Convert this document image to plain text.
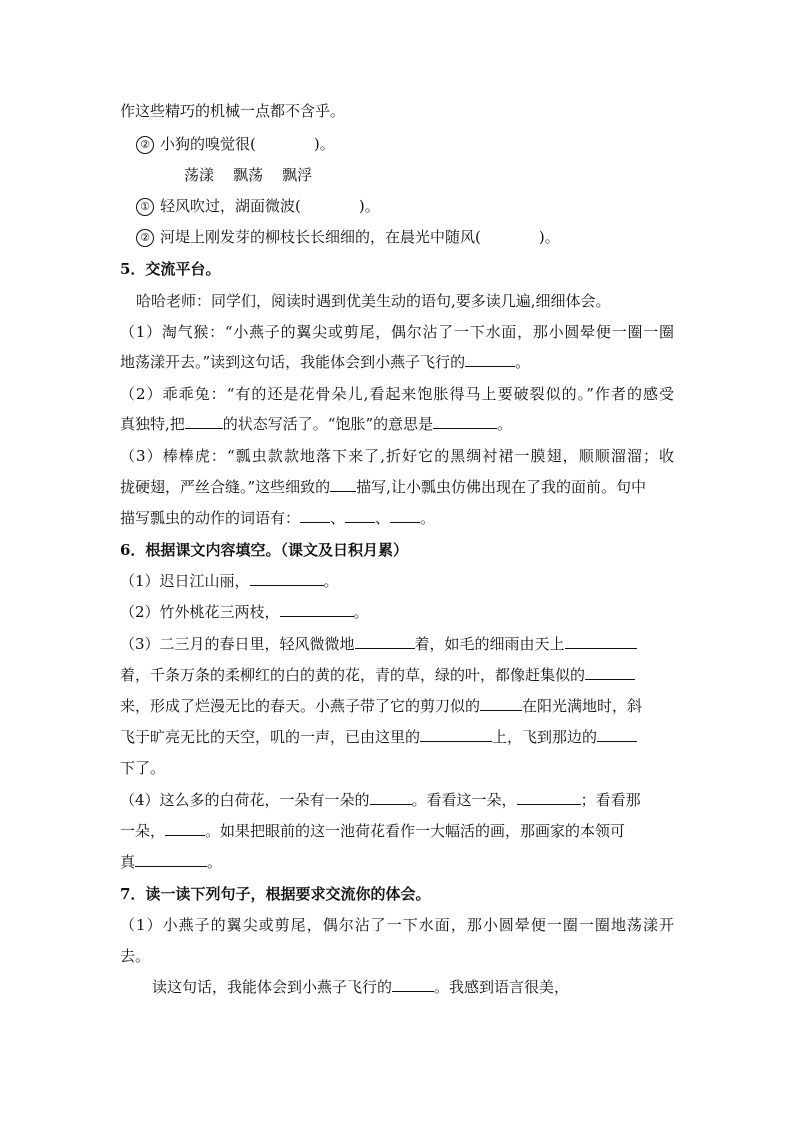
作这些精巧的机械一点都不含乎。
② 小狗的嗅觉很(	)。
荡漾    飘荡    飘浮
① 轻风吹过，湖面微波(	)。
② 河堤上刚发芽的柳枝长长细细的，在晨光中随风(	)。
5．交流平台。
哈哈老师：同学们，阅读时遇到优美生动的语句,要多读几遍,细细体会。
（1）淘气猴：“小燕子的翼尖或剪尾，偶尔沾了一下水面，那小圆晕便一圈一圈
地荡漾开去。”读到这句话，我能体会到小燕子飞行的	。
（2）乖乖兔：“有的还是花骨朵儿,看起来饱胀得马上要破裂似的。”作者的感受
真独特,把	的状态写活了。“饱胀”的意思是	。
（3）棒棒虎：“瓢虫款款地落下来了,折好它的黑绸衬裙一膜翅，顺顺溜溜；收
拢硬翅，严丝合缝。”这些细致的 描写,让小瓢虫仿佛出现在了我的面前。句中
描写瓢虫的动作的词语有： 、 、 。
6．根据课文内容填空。（课文及日积月累）
（1）迟日江山丽，	。
（2）竹外桃花三两枝，	。
（3）二三月的春日里，轻风微微地	着，如毛的细雨由天上
着，千条万条的柔柳红的白的黄的花，青的草，绿的叶，都像赶集似的
来，形成了烂漫无比的春天。小燕子带了它的剪刀似的	在阳光满地时，斜
飞于旷亮无比的天空，叽的一声，已由这里的	上，飞到那边的
下了。
（4）这么多的白荷花，一朵有一朵的	。看看这一朵，	；看看那
一朵，	。如果把眼前的这一池荷花看作一大幅活的画，那画家的本领可
真	。
7．读一读下列句子，根据要求交流你的体会。
（1）小燕子的翼尖或剪尾，偶尔沾了一下水面，那小圆晕便一圈一圈地荡漾开
去。
读这句话，我能体会到小燕子飞行的	。我感到语言很美，
